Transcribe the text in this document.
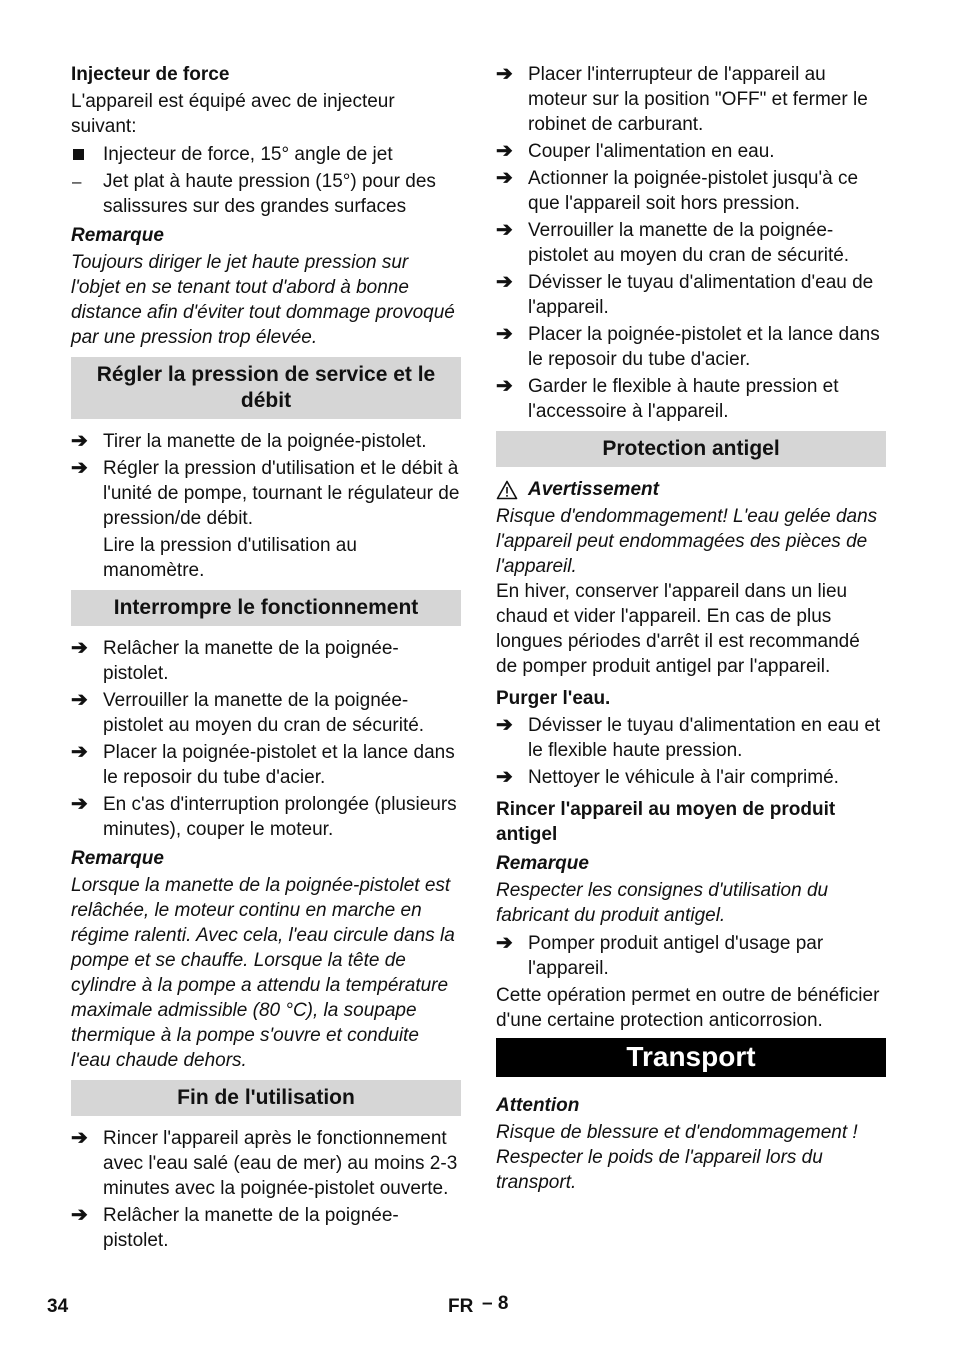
Injecteur de force
L'appareil est équipé avec de injecteur suivant:
Injecteur de force, 15° angle de jet
–	Jet plat à haute pression (15°) pour des salissures sur des grandes surfaces
Remarque
Toujours diriger le jet haute pression sur l'objet en se tenant tout d'abord à bonne distance afin d'éviter tout dommage provoqué par une pression trop élevée.
Régler la pression de service et le débit
➔ Tirer la manette de la poignée-pistolet.
➔ Régler la pression d'utilisation et le débit à l'unité de pompe, tournant le régulateur de pression/de débit.
Lire la pression d'utilisation au manomètre.
Interrompre le fonctionnement
➔ Relâcher la manette de la poignée-pistolet.
➔ Verrouiller la manette de la poignée-pistolet au moyen du cran de sécurité.
➔ Placer la poignée-pistolet et la lance dans le reposoir du tube d'acier.
➔ En c'as d'interruption prolongée (plusieurs minutes), couper le moteur.
Remarque
Lorsque la manette de la poignée-pistolet est relâchée, le moteur continu en marche en régime ralenti. Avec cela, l'eau circule dans la pompe et se chauffe. Lorsque la tête de cylindre à la pompe a attendu la température maximale admissible (80 °C), la soupape thermique à la pompe s'ouvre et conduite l'eau chaude dehors.
Fin de l'utilisation
➔ Rincer l'appareil après le fonctionnement avec l'eau salé (eau de mer) au moins 2-3 minutes avec la poignée-pistolet ouverte.
➔ Relâcher la manette de la poignée-pistolet.
➔ Placer l'interrupteur de l'appareil au moteur sur la position "OFF" et fermer le robinet de carburant.
➔ Couper l'alimentation en eau.
➔ Actionner la poignée-pistolet jusqu'à ce que l'appareil soit hors pression.
➔ Verrouiller la manette de la poignée-pistolet au moyen du cran de sécurité.
➔ Dévisser le tuyau d'alimentation d'eau de l'appareil.
➔ Placer la poignée-pistolet et la lance dans le reposoir du tube d'acier.
➔ Garder le flexible à haute pression et l'accessoire à l'appareil.
Protection antigel
Avertissement
Risque d'endommagement! L'eau gelée dans l'appareil peut endommagées des pièces de l'appareil.
En hiver, conserver l'appareil dans un lieu chaud et vider l'appareil. En cas de plus longues périodes d'arrêt il est recommandé de pomper produit antigel par l'appareil.
Purger l'eau.
➔ Dévisser le tuyau d'alimentation en eau et le flexible haute pression.
➔ Nettoyer le véhicule à l'air comprimé.
Rincer l'appareil au moyen de produit antigel
Remarque
Respecter les consignes d'utilisation du fabricant du produit antigel.
➔ Pomper produit antigel d'usage par l'appareil.
Cette opération permet en outre de bénéficier d'une certaine protection anticorrosion.
Transport
Attention
Risque de blessure et d'endommagement ! Respecter le poids de l'appareil lors du transport.
34	FR – 8
